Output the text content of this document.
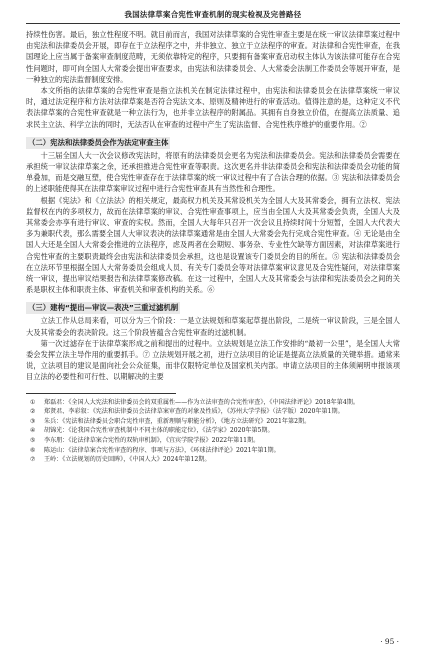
我国法律草案合宪性审查机制的现实检视及完善路径

持续性伤害。最后，独立性程度不明。就目前而言，我国对法律草案的合宪性审查主要是在统一审议法律草案过程中由宪法和法律委员会开展，即存在于立法程序之中，并非独立、独立于立法程序的审查。对法律和合宪性审查，在我国理论上应当属于备案审查制度范畴，无须依靠特定的程序，只要拥有备案审查启动权主体认为该法律可能存在合宪性问题时，即可向全国人大常委会提出审查要求，由宪法和法律委员会、人大常委会法制工作委员会等展开审查，是一种独立的宪法监督制度安排。

本文所指的法律草案的合宪性审查是指立法机关在制定法律过程中，由宪法和法律委员会在法律草案统一审议时，通过法定程序和方法对法律草案是否符合宪法文本、原则及精神进行的审查活动。值得注意的是，这种定义不代表法律草案的合宪性审查就是一种立法行为，也并非立法程序的附属品。其拥有自身独立价值，在提高立法质量、追求民主立法、科学立法的同时，无法否认在审查的过程中产生了宪法监督、合宪性秩序维护的重要作用。②

（二）宪法和法律委员会作为法定审查主体

十三届全国人大一次会议修改宪法时，将原有的法律委员会更名为宪法和法律委员会。宪法和法律委员会需要在承担统一审议法律草案之余，还承担推进合宪性审查等职责。这次更名并非法律委员会和宪法和法律委员会功能的简单叠加，而是交融互塑，使合宪性审查存在于法律草案的统一审议过程中有了合法合理的依据。③ 宪法和法律委员会的上述职能使得其在法律草案审议过程中进行合宪性审查具有当然性和合理性。

根据《宪法》和《立法法》的相关规定，最高权力机关及其常设机关为全国人大及其常委会，拥有立法权、宪法监督权在内的多项权力，故而在法律草案的审议、合宪性审查事项上，应当由全国人大及其常委会负责，全国人大及其常委会亦享有进行审议、审查的实权。然而，全国人大每年只召开一次会议且持续时间十分短暂，全国人大代表大多为兼职代表，那么需要全国人大审议表决的法律草案通常是由全国人大常委会先行完成合宪性审查。④ 无论是由全国人大还是全国人大常委会推进的立法程序，虑及两者在会期短、事务杂、专业性欠缺等方面因素，对法律草案进行合宪性审查的主要职责最终会由宪法和法律委员会承担，这也是设置该专门委员会的目的所在。⑤ 宪法和法律委员会在立法环节里根据全国人大常务委员会组成人员、有关专门委员会等对法律草案审议意见及合宪性疑问，对法律草案统一审议，提出审议结果报告和法律草案修改稿。在这一过程中，全国人大及其常委会与法律和宪法委员会之间的关系是职权主体和职责主体、审查机关和审查机构的关系。⑥

（三）建构“提出—审议—表决”三重过滤机制

立法工作从总局来看，可以分为三个阶段：一是立法规划和草案起草提出阶段，二是统一审议阶段，三是全国人大及其常委会的表决阶段。这三个阶段皆蕴含合宪性审查的过滤机制。

第一次过滤存在于法律草案形成之前和提出的过程中。立法规划是立法工作安排的“最初一公里”，是全国人大常委会发挥立法主导作用的重要抓手。⑦ 立法规划开展之初，进行立法项目的论证是提高立法质量的关键举措。通常来说，立法项目的建议是面向社会公众征集，而非仅限特定单位及国家机关内部。申请立法项目的主体须阐明申报该项目立法的必要性和可行性、以期解决的主要

①	郑磊君：《全国人大宪法和法律委员会的双重属性——作为立法审查的合宪性审查》，《中国法律评论》2018年第4期。
②	郑贤君、李彩叙：《宪法和法律委员会法律草案审查的对象及性质》，《苏州大学学报》（法学版）2020年第1期。
③	朱兵：《宪法和法律委员会职合宪性审查，重新理顺与职能分析》，《地方立法研究》2021年第2期。
④	胡锦光：《论我国合宪性审查机制中不同主体的职能定位》，《法学家》2020年第5期。
⑤	李东朋：《论法律草案合宪性的双轨审机制》，《宜宾学院学报》2022年第11期。
⑥	陈运山：《法律草案合宪性审查的程序、事项与方法》，《环球法律评论》2021年第1期。
⑦	王岭：《立法规划的历史回眸》，《中国人大》2024年第12期。
· 95 ·
